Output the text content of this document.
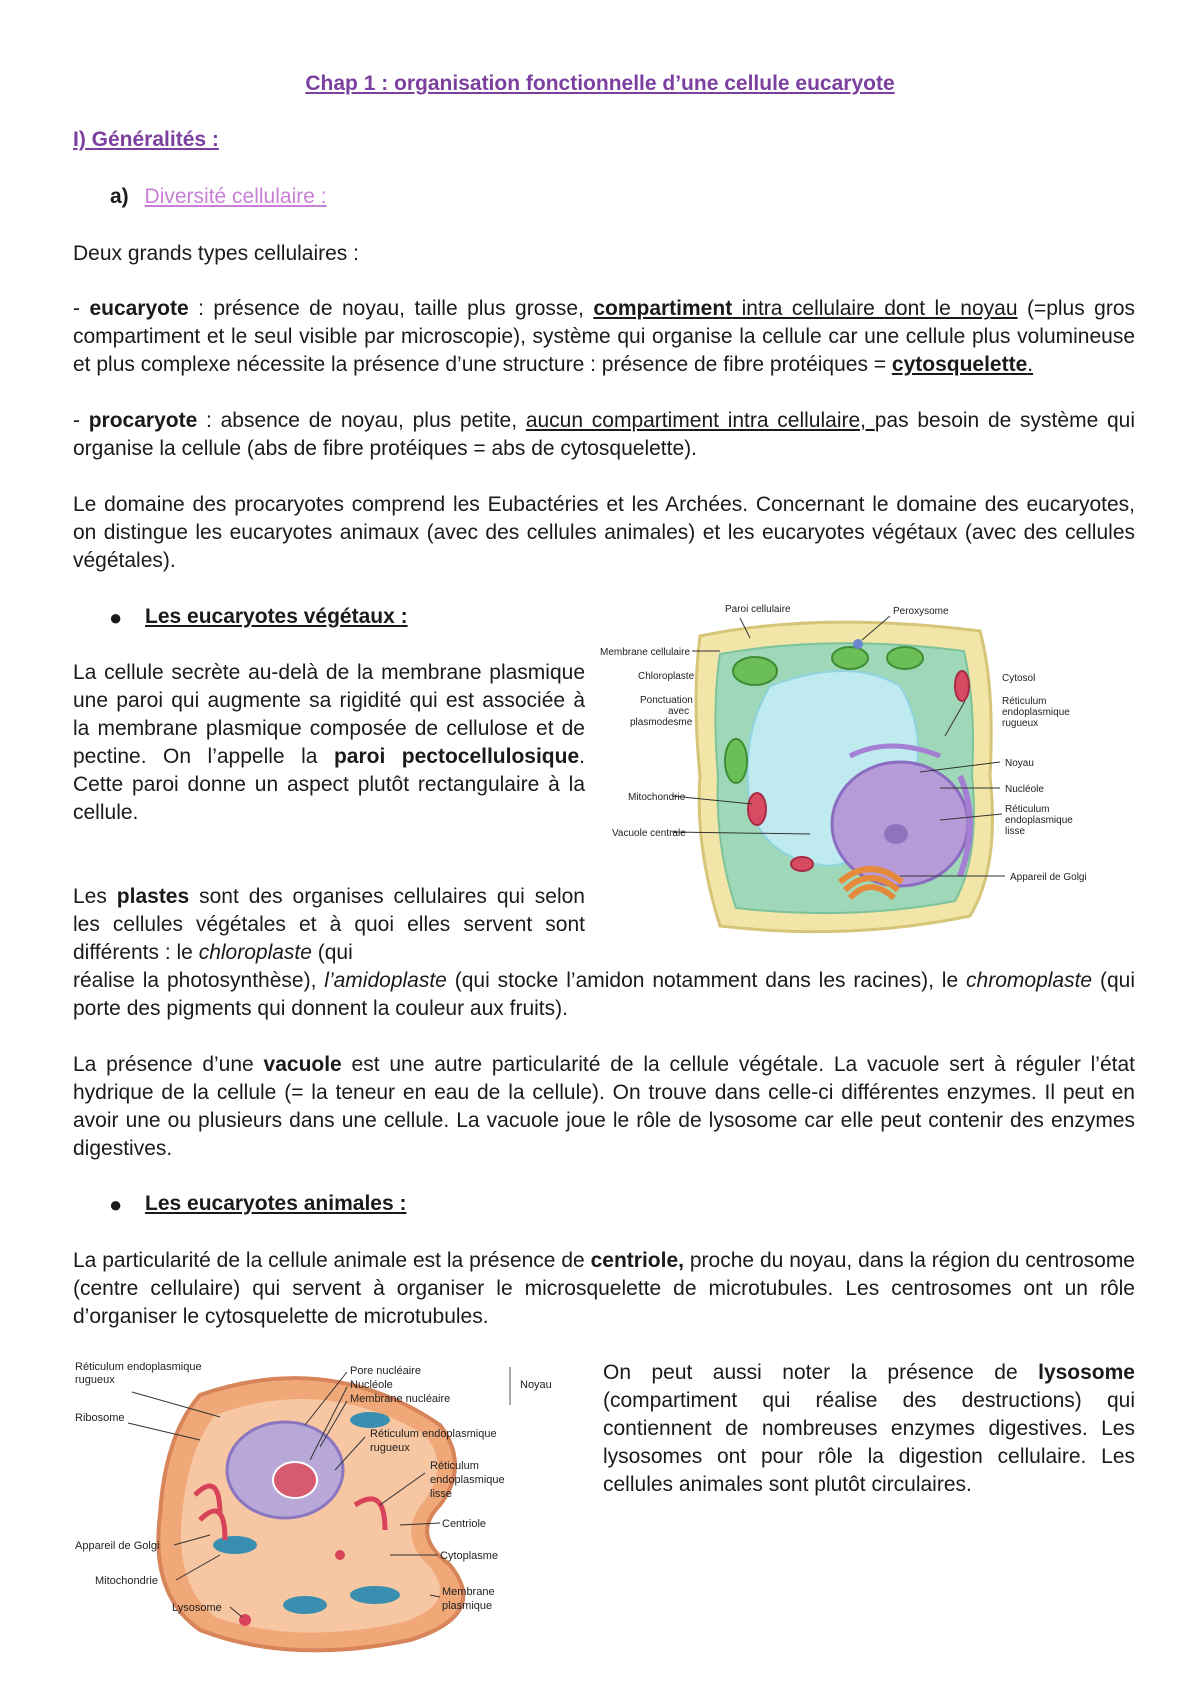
Chap 1 : organisation fonctionnelle d’une cellule eucaryote
I) Généralités :
a) Diversité cellulaire :
Deux grands types cellulaires :
- eucaryote : présence de noyau, taille plus grosse, compartiment intra cellulaire dont le noyau (=plus gros compartiment et le seul visible par microscopie), système qui organise la cellule car une cellule plus volumineuse et plus complexe nécessite la présence d’une structure : présence de fibre protéiques = cytosquelette.
- procaryote : absence de noyau, plus petite, aucun compartiment intra cellulaire, pas besoin de système qui organise la cellule (abs de fibre protéiques = abs de cytosquelette).
Le domaine des procaryotes comprend les Eubactéries et les Archées. Concernant le domaine des eucaryotes, on distingue les eucaryotes animaux (avec des cellules animales) et les eucaryotes végétaux (avec des cellules végétales).
● Les eucaryotes végétaux :
La cellule secrète au-delà de la membrane plasmique une paroi qui augmente sa rigidité qui est associée à la membrane plasmique composée de cellulose et de pectine. On l’appelle la paroi pectocellulosique. Cette paroi donne un aspect plutôt rectangulaire à la cellule.
Les plastes sont des organises cellulaires qui selon les cellules végétales et à quoi elles servent sont différents : le chloroplaste (qui
réalise la photosynthèse), l’amidoplaste (qui stocke l’amidon notamment dans les racines), le chromoplaste (qui porte des pigments qui donnent la couleur aux fruits).
La présence d’une vacuole est une autre particularité de la cellule végétale. La vacuole sert à réguler l’état hydrique de la cellule (= la teneur en eau de la cellule). On trouve dans celle-ci différentes enzymes. Il peut en avoir une ou plusieurs dans une cellule. La vacuole joue le rôle de lysosome car elle peut contenir des enzymes digestives.
● Les eucaryotes animales :
La particularité de la cellule animale est la présence de centriole, proche du noyau, dans la région du centrosome (centre cellulaire) qui servent à organiser le microsquelette de microtubules. Les centrosomes ont un rôle d’organiser le cytosquelette de microtubules.
On peut aussi noter la présence de lysosome (compartiment qui réalise des destructions) qui contiennent de nombreuses enzymes digestives. Les lysosomes ont pour rôle la digestion cellulaire. Les cellules animales sont plutôt circulaires.
Paroi cellulaire	Peroxysome
Membrane cellulaire
Chloroplaste
Ponctuation
avec
plasmodesme
Cytosol
Réticulum
endoplasmique
rugueux
Noyau
Nucléole
Réticulum
endoplasmique
lisse
Mitochondrie
Vacuole centrale
Appareil de Golgi
Réticulum endoplasmique
rugueux
Ribosome
Pore nucléaire
Nucléole
Membrane nucléaire
Noyau
Réticulum endoplasmique
rugueux
Réticulum
endoplasmique
lisse
Centriole
Appareil de Golgi
Cytoplasme
Mitochondrie
Membrane
plasmique
Lysosome
